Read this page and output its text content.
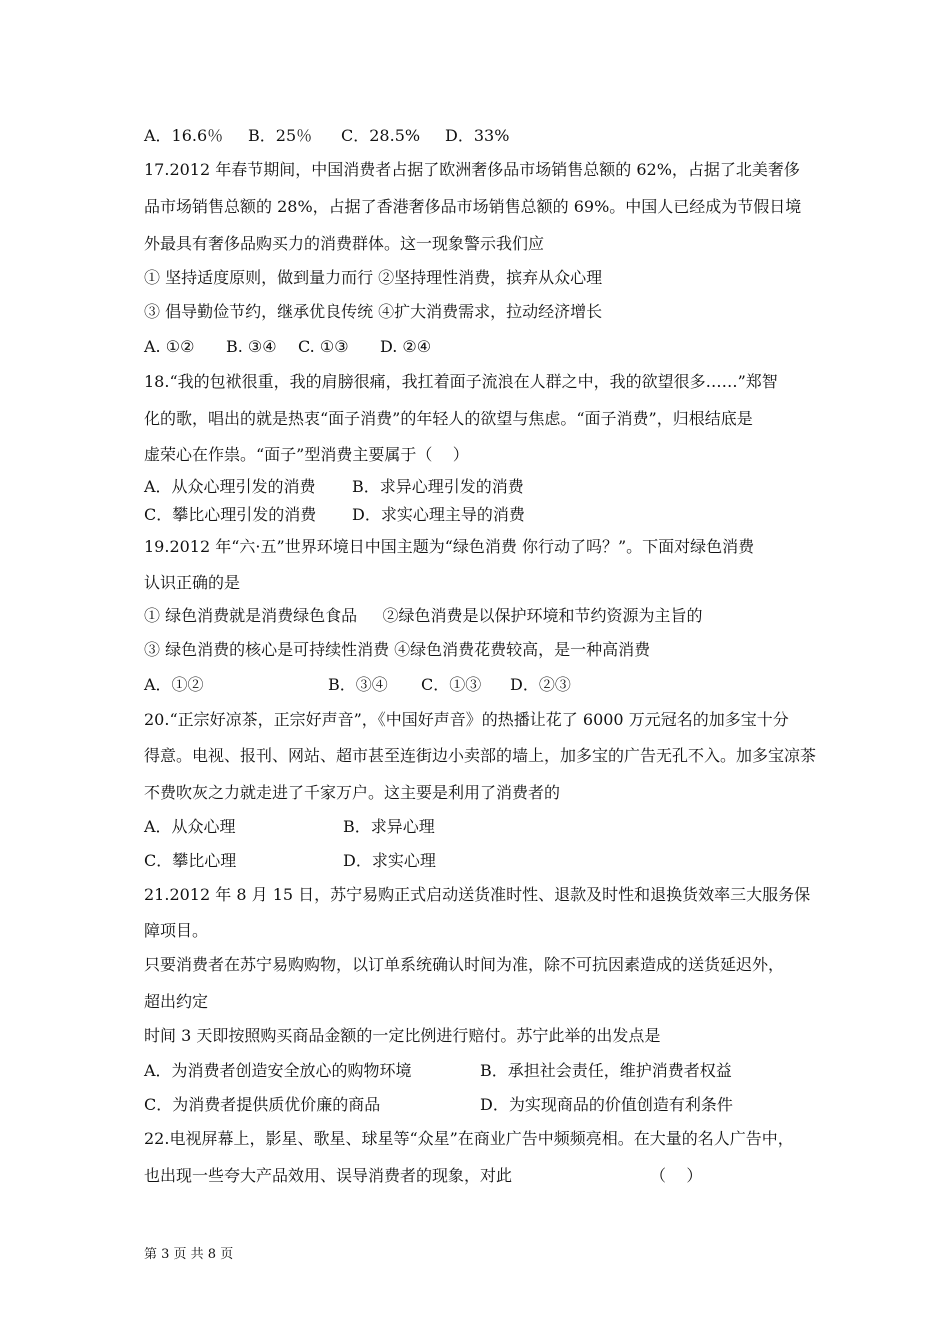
A．16.6％ B．25％ C．28.5% D．33%
17.2012 年春节期间，中国消费者占据了欧洲奢侈品市场销售总额的 62%，占据了北美奢侈
品市场销售总额的 28%，占据了香港奢侈品市场销售总额的 69%。中国人已经成为节假日境
外最具有奢侈品购买力的消费群体。这一现象警示我们应
① 坚持适度原则，做到量力而行 ②坚持理性消费，摈弃从众心理
③ 倡导勤俭节约，继承优良传统 ④扩大消费需求，拉动经济增长
A. ①② B. ③④ C. ①③ D. ②④
18.“我的包袱很重，我的肩膀很痛，我扛着面子流浪在人群之中，我的欲望很多……”郑智
化的歌，唱出的就是热衷“面子消费”的年轻人的欲望与焦虑。“面子消费”，归根结底是
虚荣心在作祟。“面子”型消费主要属于（    ）
A．从众心理引发的消费 B．求异心理引发的消费
C．攀比心理引发的消费 D．求实心理主导的消费
19.2012 年“六·五”世界环境日中国主题为“绿色消费 你行动了吗？”。下面对绿色消费
认识正确的是
① 绿色消费就是消费绿色食品     ②绿色消费是以保护环境和节约资源为主旨的
③ 绿色消费的核心是可持续性消费 ④绿色消费花费较高，是一种高消费
A．①②	B．③④ C．①③ D．②③
20.“正宗好凉茶，正宗好声音”，《中国好声音》的热播让花了 6000 万元冠名的加多宝十分
得意。电视、报刊、网站、超市甚至连街边小卖部的墙上，加多宝的广告无孔不入。加多宝凉茶
不费吹灰之力就走进了千家万户。这主要是利用了消费者的
A．从众心理	B．求异心理
C．攀比心理	D．求实心理
21.2012 年 8 月 15 日，苏宁易购正式启动送货准时性、退款及时性和退换货效率三大服务保
障项目。
只要消费者在苏宁易购购物，以订单系统确认时间为准，除不可抗因素造成的送货延迟外，
超出约定
时间 3 天即按照购买商品金额的一定比例进行赔付。苏宁此举的出发点是
A．为消费者创造安全放心的购物环境	B．承担社会责任，维护消费者权益
C．为消费者提供质优价廉的商品	D．为实现商品的价值创造有利条件
22.电视屏幕上，影星、歌星、球星等“众星”在商业广告中频频亮相。在大量的名人广告中，
也出现一些夸大产品效用、误导消费者的现象，对此	（    ）
第 3 页 共 8 页
